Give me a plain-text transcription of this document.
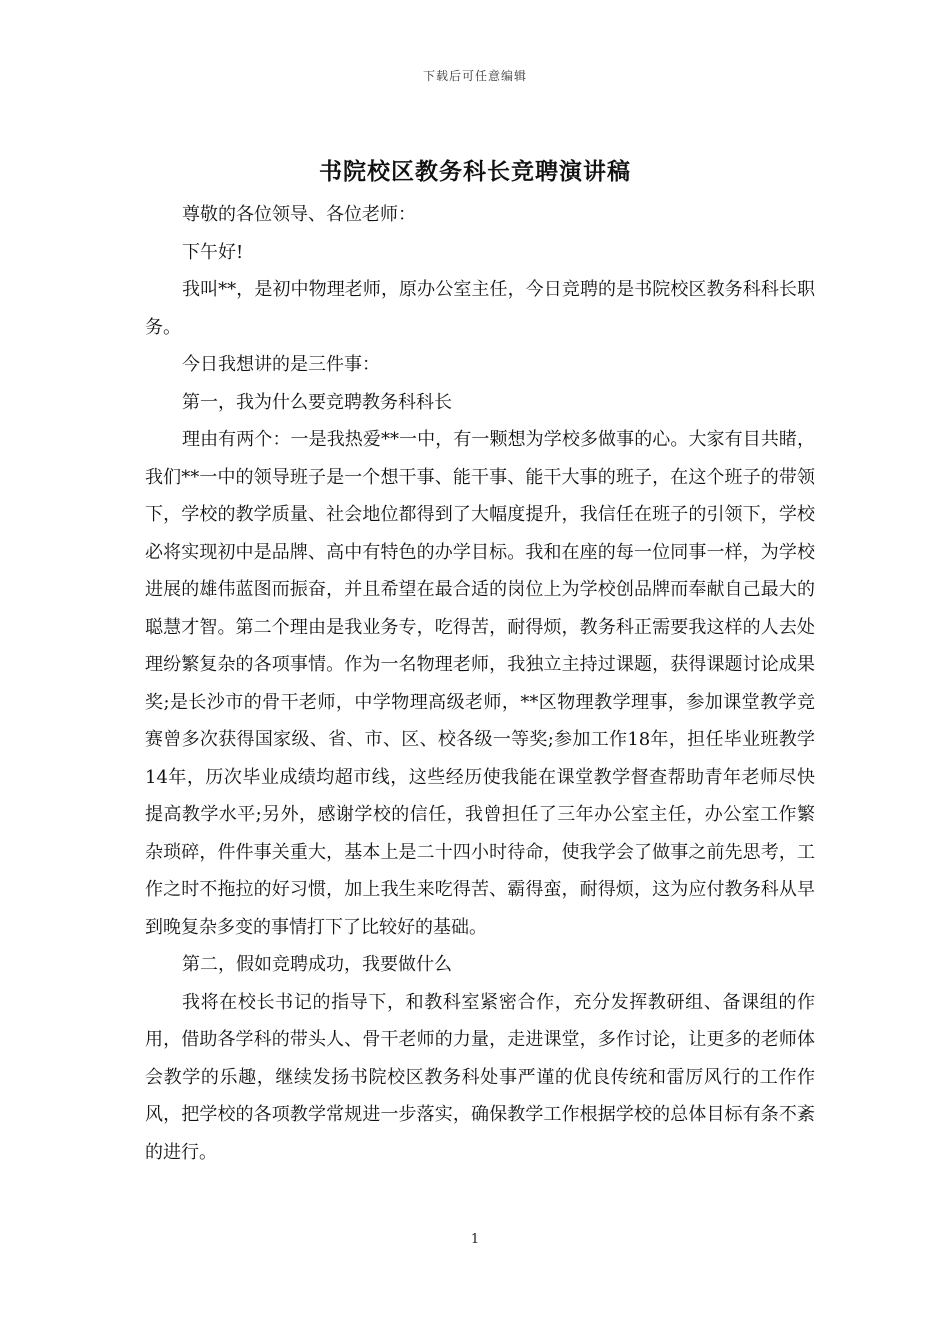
下载后可任意编辑
书院校区教务科长竞聘演讲稿

尊敬的各位领导、各位老师：

下午好!

我叫**，是初中物理老师，原办公室主任，今日竞聘的是书院校区教务科科长职务。

今日我想讲的是三件事：

第一，我为什么要竞聘教务科科长

理由有两个：一是我热爱**一中，有一颗想为学校多做事的心。大家有目共睹，我们**一中的领导班子是一个想干事、能干事、能干大事的班子，在这个班子的带领下，学校的教学质量、社会地位都得到了大幅度提升，我信任在班子的引领下，学校必将实现初中是品牌、高中有特色的办学目标。我和在座的每一位同事一样，为学校进展的雄伟蓝图而振奋，并且希望在最合适的岗位上为学校创品牌而奉献自己最大的聪慧才智。第二个理由是我业务专，吃得苦，耐得烦，教务科正需要我这样的人去处理纷繁复杂的各项事情。作为一名物理老师，我独立主持过课题，获得课题讨论成果奖;是长沙市的骨干老师，中学物理高级老师，**区物理教学理事，参加课堂教学竞赛曾多次获得国家级、省、市、区、校各级一等奖;参加工作18年，担任毕业班教学14年，历次毕业成绩均超市线，这些经历使我能在课堂教学督查帮助青年老师尽快提高教学水平;另外，感谢学校的信任，我曾担任了三年办公室主任，办公室工作繁杂琐碎，件件事关重大，基本上是二十四小时待命，使我学会了做事之前先思考，工作之时不拖拉的好习惯，加上我生来吃得苦、霸得蛮，耐得烦，这为应付教务科从早到晚复杂多变的事情打下了比较好的基础。

第二，假如竞聘成功，我要做什么

我将在校长书记的指导下，和教科室紧密合作，充分发挥教研组、备课组的作用，借助各学科的带头人、骨干老师的力量，走进课堂，多作讨论，让更多的老师体会教学的乐趣，继续发扬书院校区教务科处事严谨的优良传统和雷厉风行的工作作风，把学校的各项教学常规进一步落实，确保教学工作根据学校的总体目标有条不紊的进行。

1
